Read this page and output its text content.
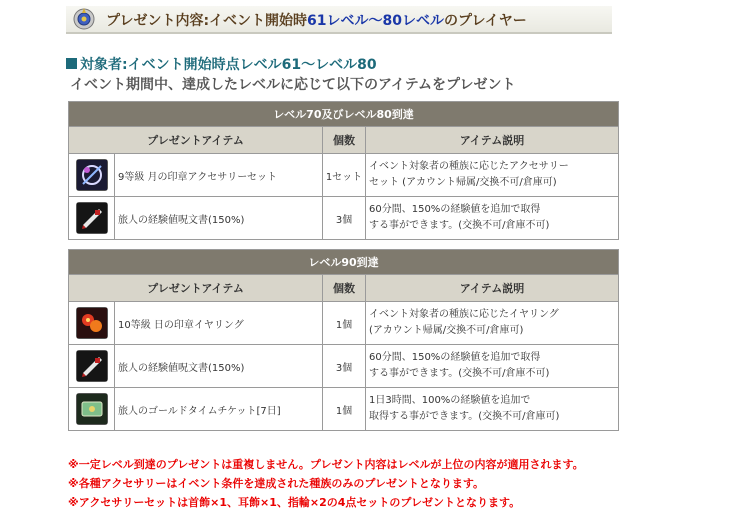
プレゼント内容:イベント開始時61レベル～80レベルのプレイヤー
対象者:イベント開始時点レベル61～レベル80
イベント期間中、達成したレベルに応じて以下のアイテムをプレゼント
レベル70及びレベル80到達			
プレゼントアイテム		個数	アイテム説明
	9等級 月の印章アクセサリーセット	1セット	イベント対象者の種族に応じたアクセサリー
セット (アカウント帰属/交換不可/倉庫可)

	旅人の経験値呪文書(150%)	3個	60分間、150%の経験値を追加で取得
する事ができます。(交換不可/倉庫不可)
レベル90到達			
プレゼントアイテム		個数	アイテム説明
	10等級 日の印章イヤリング	1個	イベント対象者の種族に応じたイヤリング
(アカウント帰属/交換不可/倉庫可)

	旅人の経験値呪文書(150%)	3個	60分間、150%の経験値を追加で取得
する事ができます。(交換不可/倉庫不可)

	旅人のゴールドタイムチケット[7日]	1個	1日3時間、100%の経験値を追加で
取得する事ができます。(交換不可/倉庫可)
※一定レベル到達のプレゼントは重複しません。プレゼント内容はレベルが上位の内容が適用されます。
※各種アクセサリーはイベント条件を達成された種族のみのプレゼントとなります。
※アクセサリーセットは首飾×1、耳飾×1、指輪×2の4点セットのプレゼントとなります。
